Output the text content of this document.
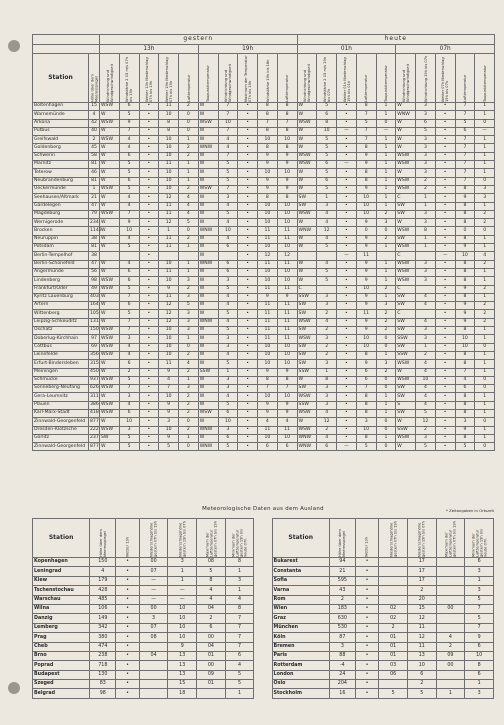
		gestern										heute									
		13h					19h					01h					07h				
Station	Höhe über dem Meeresspiegel	Windrichtung und Windgeschwindigkeit	Windstärke 2 15 m/s 07h bis 19h	Wetter 13h Niederschlag 07h bis 19h	Wetter 19h Niederschlag 07h bis 19h	Lufttemperatur	Taupunkttemperatur	Windrichtung und Windgeschwindigkeit	Maximum der Temperatur 07h bis 19h	Windstärke 19h bis 18h	Lufttemperatur	Windrichtung und Windgeschwindigkeit	Windstärke 2 15 m/s 19h bis 07h	Wetter 01h Niederschlag 19h bis 01h	Lufttemperatur	Taupunkttemperatur	Windrichtung und Windgeschwindigkeit	Windrichtung 19h bis 07h	Wetter 07h Niederschlag 19h bis 07h	Lufttemperatur	Taupunkttemperatur
Boltenhagen	15	WSW	6	•	11	2	W	7	•	8	8	W	5	•	8	1	W	3	•	7	1
Warnemünde	4	W	5	•	10	0	W	7	•	8	8	W	6	•	7	1	WNW	3	•	7	1
Arkona	42	WSW	9	•	8	0	WSW	10	•	7	7	WSW	8	•	5	0	W	6	•	5	0
Putbus	40	W	7	•	8	0	W	7	•	8	8	W	10	—	7	—	W	5	•	6	—
Greifswald	2	WSW	4	•	10	1	W	4	•	10	10	W	5	•	7	1	W	3	•	7	1
Goldenberg	45	W	4	•	10	2	WNW	4	•	8	8	W	5	•	8	1	W	3	•	7	1
Schwerin	58	W	6	•	10	2	W	7	•	9	9	WSW	5	•	9	1	WSW	3	•	7	1
Marnitz	81	W	5	•	11	1	W	5	•	9	9	WSW	6	—	9	1	WSW	3	•	7	1
Teterow	46	W	5	•	10	1	W	5	•	10	10	W	5	•	8	1	W	3	•	7	1
Neubrandenburg	81	W	6	•	10	1	W	5	•	9	9	W	6	•	8	1	WSW	2	•	7	0
Ueckermünde	1	WSW	5	•	10	2	WSW	7	•	9	9	W	5	•	9	1	WSW	2	•	8	3
Seehausen/Altmark	21	W	4	•	12	4	W	3	•	8	8	SW	1	•	10	1	C	1	•	9	3
Gardelegen	47	W	4	•	11	4	W	4	•	10	10	SW	3	•	10	1	SW	1	•	8	1
Magdeburg	79	WSW	7	•	11	4	W	5	•	10	10	WSW	4	•	10	2	SW	3	•	8	2
Wernigerode	234	W	9	•	12	5	W	4	•	10	10	W	4	•	9	3	W	3	•	8	2
Brocken	1142	W	10	•	1	0	WNW	10	•	11	11	WNW	12	•	0	0	WSW	8	•	0	0
Neuruppin	38	W	4	•	11	2	W	4	•	11	11	W	4	•	9	2	SW	1	•	8	1
Potsdam	81	W	5	•	11	1	W	6	•	10	10	W	5	•	9	1	WSW	1	•	9	1
Berlin-Tempelhof	38			•			W		•	12	12			—	11		C		—	10	4
Berlin-Schönefeld	47	W	4	•	10	1	WNW	6	•	11	11	W	4	•	9	1	WSW	3	•	8	2
Angermünde	56	W	6	•	11	1	W	6	•	10	10	W	5	•	9	1	WSW	3	•	8	1
Lindenberg	98	WSW	6	•	10	3	W	3	•	10	10	W	5	•	9	1	WSW	3	•	8	1
Frankfurt/Oder	49	WSW	5	•	9	2	W	5	•	11	11	C		•	10	2	C		•	9	2
Kyritz Lauenburg	403	W	7	•	11	3	W	4	•	9	9	SSW	3	•	9	1	SW	4	•	8	1
Artern	164	W	6	•	12	5	W	4	•	11	11	SW	3	•	9	3	SW	4	•	9	2
Wittenberg	105	W	5	•	12	3	W	5	•	11	11	SW	2	•	11	2	C		•	9	2
Leipzig-Schkeuditz	131	W	7	•	12	3	WNW	4	•	11	11	WSW	4	•	9	2	SW	4	•	9	2
Oschatz	150	WSW	7	•	10	3	W	5	•	11	11	SW	2	•	9	2	SW	3	•	8	1
Doberlug-Kirchhain	97	WSW	3	•	10	1	W	3	•	11	11	WSW	3	•	10	0	SSW	3	•	10	1
Cottbus	69	WSW	4	•	10	0	W	3	•	10	10	SW	2	•	10	0	SW	1	•	10	0
Leinefelde	356	WSW	4	•	10	2	W	4	•	10	10	SW	2	•	8	1	SSW	2	•	8	1
Erfurt-Bindersleben	315	W	6	•	11	4	W	5	•	10	10	SW	3	•	9	3	WSW	4	•	8	1
Meiningen	450	W	2	•	9	2	SSW	1	•	9	9	SSW	1	•	6	2	W	4	•	7	1
Schmücke	937	WSW	5	•	4	1	W	3	•	8	8	W	8	•	6	0	WSW	10	•	4	0
Sonneberg-Neufang	626	WSW	7	•	7	3	W	3	•	7	7	SW	3	•	7	0	SW	4	•	6	0
Gera-Leumnitz	311	W	3	•	10	2	W	4	•	10	10	WSW	3	•	8	1	SW	4	•	8	1
Plauen	386	WSW	4	•	9	2	W	5	•	9	9	SSW	3	•	8	1	S	4	•	8	1
Karl-Marx-Stadt	418	WSW	6	•	9	2	WSW	6	•	9	9	WSW	4	•	8	1	SW	5	•	8	1
Zinnwald-Georgenfeld	877	W	10	•	3	0	W	10	•	4	4	W	12	•	3	0	W	12	•	3	0
Dresden-Klotzsche	222	WSW	3	•	10	2	WNW	3	•	11	11	WSW	2	•	10	0	SSW	2	•	9	1
Görlitz	237	SW	5	•	9	1	W	6	•	10	10	WNW	4	•	8	1	WSW	3	•	8	1
Zinnwald-Georgenfeld	877	W	5	•	5	0	WNW	5	•	6	6	WNW	6	—	5	0	W	5	•	5	0
Meteorologische Daten aus dem Ausland	* Zeitangaben in Ortszeit
Station	Höhe über dem Meeresspiegel	Wetter 13h	Niederschlagshöhe gestern 07h bis 19h	Niederschlagshöhe gestern 19h bis 07h	Maximum der Lufttemperatur gestern 07h bis 19h	Minimum der Lufttemperatur gestern 19h bis heute 07h		Station	Höhe über dem Meeresspiegel	Wetter 13h	Niederschlagshöhe gestern 07h bis 19h	Niederschlagshöhe gestern 19h bis 07h	Maximum der Lufttemperatur gestern 07h bis 19h	Minimum der Lufttemperatur gestern 19h bis heute 07h
Kopenhagen	150	•	00	3	08	8		Bukarest	94	•		17		6
Leningrad	4	•	07	1	5	1		Constanta	21	•		17		3
Kiew	179	•	—	1	8	3		Sofia	595	•		17		1
Tschenstochau	428	•	—	—	4	1		Varna	43	•		2		3
Warschau	485	•	—	—	4	4		Rom	2	•		20		5
Wilna	106	•	00	10	04	8		Wien	183	•	02	15	00	7
Danzig	149	•	3	10	2	7		Graz	630	•	02	12		5
Lemberg	342	•	07	10	6	7		München	530	•	2	11		7
Prag	380	•	08	10	00	7		Köln	87	•	01	12	4	9
Cheb	474	•		9	04	7		Bremen	3	•	01	11	2	6
Brno	238	•	04	13	01	6		Paris	88	•	01	13	09	10
Poprad	718	•		13	00	4		Rotterdam	-4	•	03	10	00	8
Budapest	130	•		13	09	5		London	24	•	06	6		6
Szeged	83	•		15	01	5		Oslo	204	•		2		1
Belgrad	98	•		18		1		Stockholm	16	•	5	5	1	3
